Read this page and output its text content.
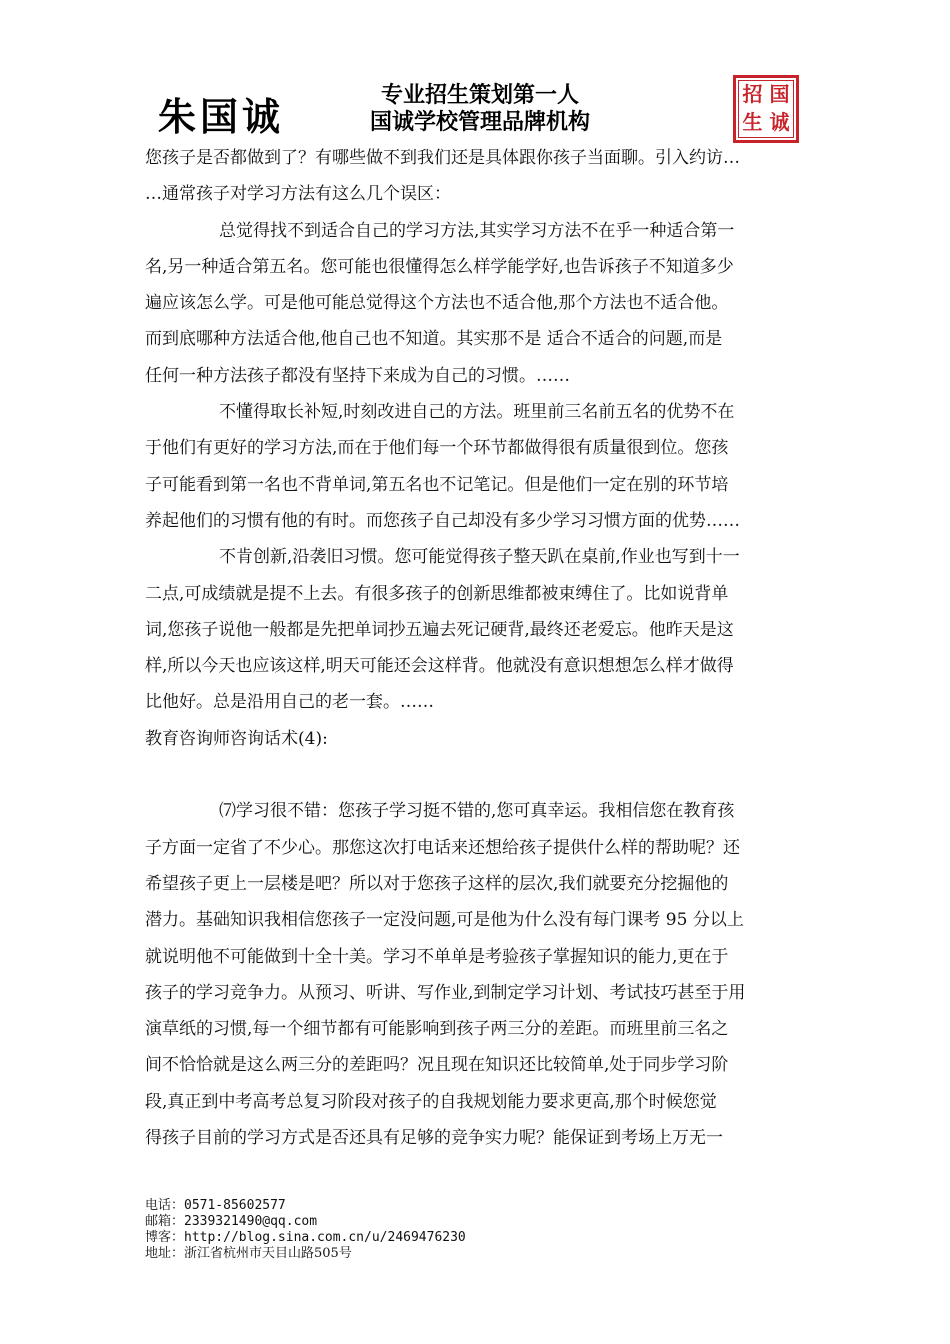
朱国诚	专业招生策划第一人
国诚学校管理品牌机构
招 国
生 诚
您孩子是否都做到了？有哪些做不到我们还是具体跟你孩子当面聊。引入约访…
…通常孩子对学习方法有这么几个误区：
总觉得找不到适合自己的学习方法,其实学习方法不在乎一种适合第一
名,另一种适合第五名。您可能也很懂得怎么样学能学好,也告诉孩子不知道多少
遍应该怎么学。可是他可能总觉得这个方法也不适合他,那个方法也不适合他。
而到底哪种方法适合他,他自己也不知道。其实那不是 适合不适合的问题,而是
任何一种方法孩子都没有坚持下来成为自己的习惯。……
不懂得取长补短,时刻改进自己的方法。班里前三名前五名的优势不在
于他们有更好的学习方法,而在于他们每一个环节都做得很有质量很到位。您孩
子可能看到第一名也不背单词,第五名也不记笔记。但是他们一定在别的环节培
养起他们的习惯有他的有时。而您孩子自己却没有多少学习习惯方面的优势……
不肯创新,沿袭旧习惯。您可能觉得孩子整天趴在桌前,作业也写到十一
二点,可成绩就是提不上去。有很多孩子的创新思维都被束缚住了。比如说背单
词,您孩子说他一般都是先把单词抄五遍去死记硬背,最终还老爱忘。他昨天是这
样,所以今天也应该这样,明天可能还会这样背。他就没有意识想想怎么样才做得
比他好。总是沿用自己的老一套。……
教育咨询师咨询话术(4):
⑺学习很不错：您孩子学习挺不错的,您可真幸运。我相信您在教育孩
子方面一定省了不少心。那您这次打电话来还想给孩子提供什么样的帮助呢？还
希望孩子更上一层楼是吧？所以对于您孩子这样的层次,我们就要充分挖掘他的
潜力。基础知识我相信您孩子一定没问题,可是他为什么没有每门课考 95 分以上
就说明他不可能做到十全十美。学习不单单是考验孩子掌握知识的能力,更在于
孩子的学习竞争力。从预习、听讲、写作业,到制定学习计划、考试技巧甚至于用
演草纸的习惯,每一个细节都有可能影响到孩子两三分的差距。而班里前三名之
间不恰恰就是这么两三分的差距吗？况且现在知识还比较简单,处于同步学习阶
段,真正到中考高考总复习阶段对孩子的自我规划能力要求更高,那个时候您觉
得孩子目前的学习方式是否还具有足够的竞争实力呢？能保证到考场上万无一
电话：0571-85602577
邮箱：2339321490@qq.com
博客：http://blog.sina.com.cn/u/2469476230
地址：浙江省杭州市天目山路505号
